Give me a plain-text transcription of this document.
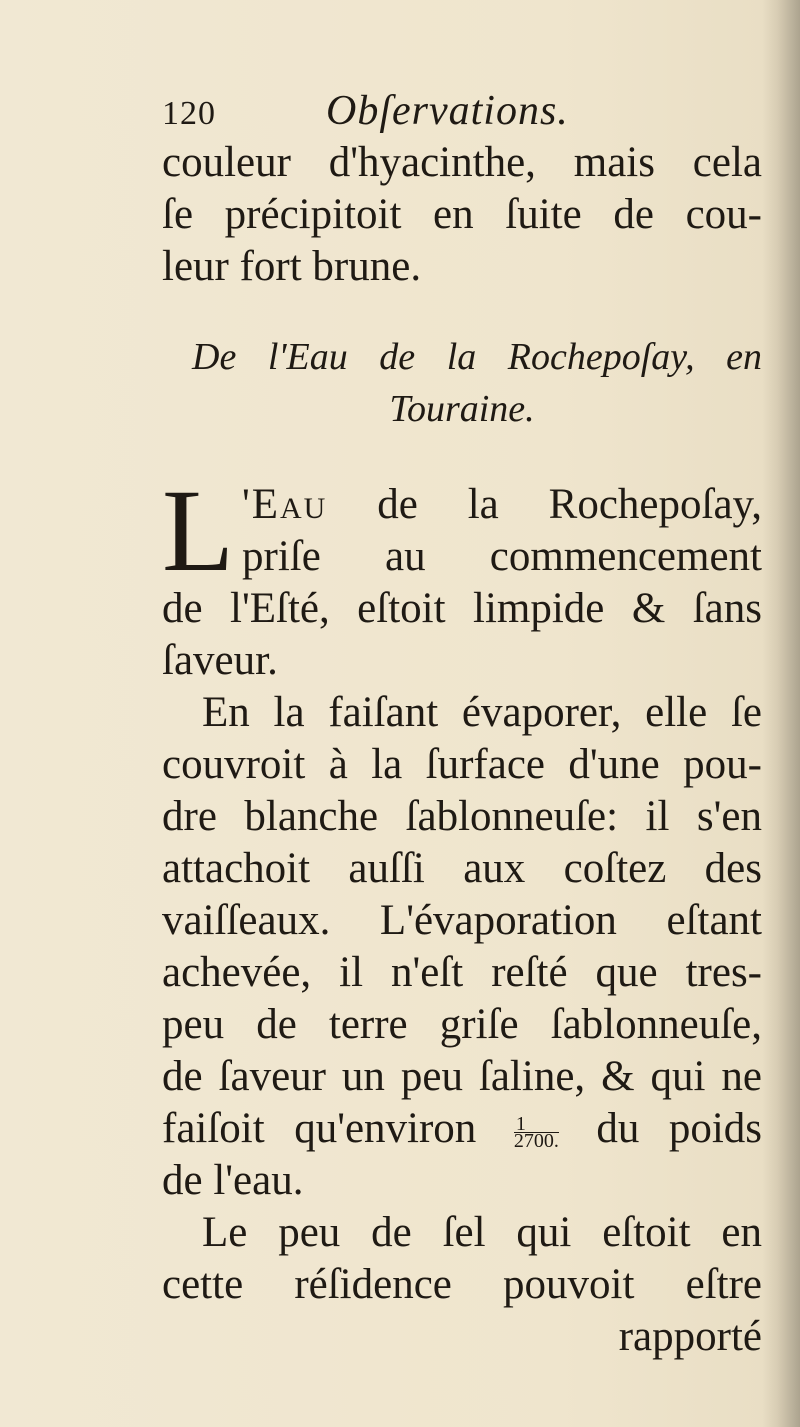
120	Obſervations.
couleur d'hyacinthe, mais cela
ſe précipitoit en ſuite de cou-
leur fort brune.
De l'Eau de la Rochepoſay, en
Touraine.
L 'Eau de la Rochepoſay,
priſe au commencement
de l'Eſté, eſtoit limpide & ſans
ſaveur.
En la faiſant évaporer, elle ſe
couvroit à la ſurface d'une pou-
dre blanche ſablonneuſe: il s'en
attachoit auſſi aux coſtez des
vaiſſeaux. L'évaporation eſtant
achevée, il n'eſt reſté que tres-
peu de terre griſe ſablonneuſe,
de ſaveur un peu ſaline, & qui ne
faiſoit qu'environ $\frac{1}{2700.}$ du poids
de l'eau.
Le peu de ſel qui eſtoit en
cette réſidence pouvoit eſtre
rapporté
